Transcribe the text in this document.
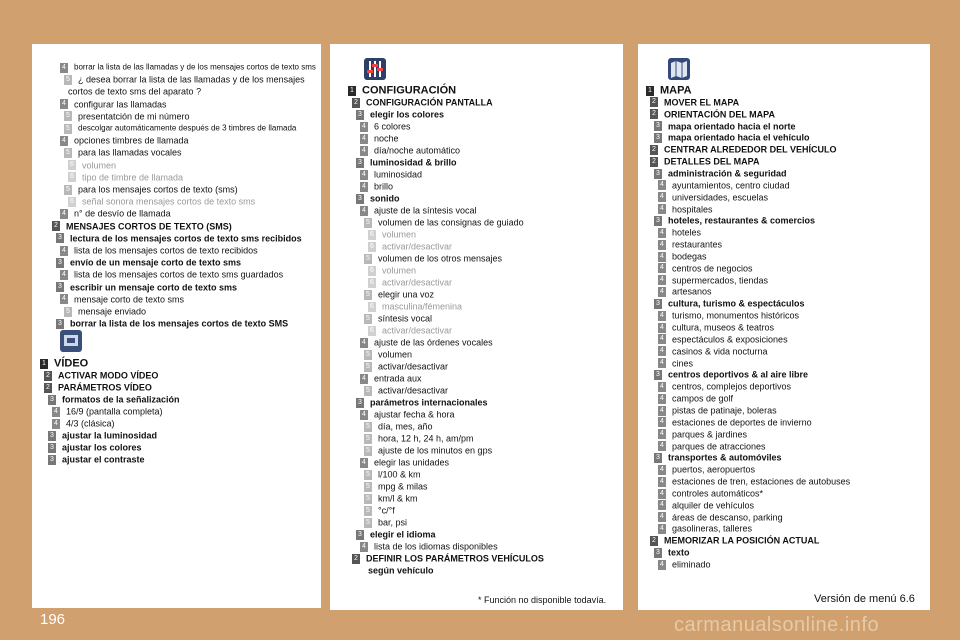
* Función no disponible todavía.	Versión de menú 6.6
196	carmanualsonline.info
4 borrar la lista de las llamadas y de los mensajes cortos de texto sms
5 ¿ desea borrar la lista de las llamadas y de los mensajes
cortos de texto sms del aparato ?
4 configurar las llamadas
5 presentatción de mi número
5 descolgar automáticamente después de 3 timbres de llamada
4 opciones timbres de llamada
5 para las llamadas vocales
6 volumen
6 tipo de timbre de llamada
5 para los mensajes cortos de texto (sms)
6 señal sonora mensajes cortos de texto sms
4 n° de desvío de llamada
2 MENSAJES CORTOS DE TEXTO (SMS)
3 lectura de los mensajes cortos de texto sms recibidos
4 lista de los mensajes cortos de texto recibidos
3 envío de un mensaje corto de texto sms
4 lista de los mensajes cortos de texto sms guardados
3 escribir un mensaje corto de texto sms
4 mensaje corto de texto sms
5 mensaje enviado
3 borrar la lista de los mensajes cortos de texto SMS
1 VÍDEO
2 ACTIVAR MODO VÍDEO
2 PARÁMETROS VÍDEO
3 formatos de la señalización
4 16/9 (pantalla completa)
4 4/3 (clásica)
3 ajustar la luminosidad
3 ajustar los colores
3 ajustar el contraste
1 CONFIGURACIÓN
2 CONFIGURACIÓN PANTALLA
3 elegir los colores
4 6 colores
4 noche
4 día/noche automático
3 luminosidad & brillo
4 luminosidad
4 brillo
3 sonido
4 ajuste de la síntesis vocal
5 volumen de las consignas de guiado
6 volumen
6 activar/desactivar
5 volumen de los otros mensajes
6 volumen
6 activar/desactivar
5 elegir una voz
6 masculina/fémenina
5 síntesis vocal
6 activar/desactivar
4 ajuste de las órdenes vocales
5 volumen
5 activar/desactivar
4 entrada aux
5 activar/desactivar
3 parámetros internacionales
4 ajustar fecha & hora
5 día, mes, año
5 hora, 12 h, 24 h, am/pm
5 ajuste de los minutos en gps
4 elegir las unidades
5 l/100 & km
5 mpg & milas
5 km/l & km
5 °c/°f
5 bar, psi
3 elegir el idioma
4 lista de los idiomas disponibles
2 DEFINIR LOS PARÁMETROS VEHÍCULOS
según vehículo
1 MAPA
2 MOVER EL MAPA
2 ORIENTACIÓN DEL MAPA
3 mapa orientado hacia el norte
3 mapa orientado hacia el vehículo
2 CENTRAR ALREDEDOR DEL VEHÍCULO
2 DETALLES DEL MAPA
3 administración & seguridad
4 ayuntamientos, centro ciudad
4 universidades, escuelas
4 hospitales
3 hoteles, restaurantes & comercios
4 hoteles
4 restaurantes
4 bodegas
4 centros de negocios
4 supermercados, tiendas
4 artesanos
3 cultura, turismo & espectáculos
4 turismo, monumentos históricos
4 cultura, museos & teatros
4 espectáculos & exposiciones
4 casinos & vida nocturna
4 cines
3 centros deportivos & al aire libre
4 centros, complejos deportivos
4 campos de golf
4 pistas de patinaje, boleras
4 estaciones de deportes de invierno
4 parques & jardines
4 parques de atracciones
3 transportes & automóviles
4 puertos, aeropuertos
4 estaciones de tren, estaciones de autobuses
4 controles automáticos*
4 alquiler de vehículos
4 áreas de descanso, parking
4 gasolineras, talleres
2 MEMORIZAR LA POSICIÓN ACTUAL
3 texto
4 eliminado
